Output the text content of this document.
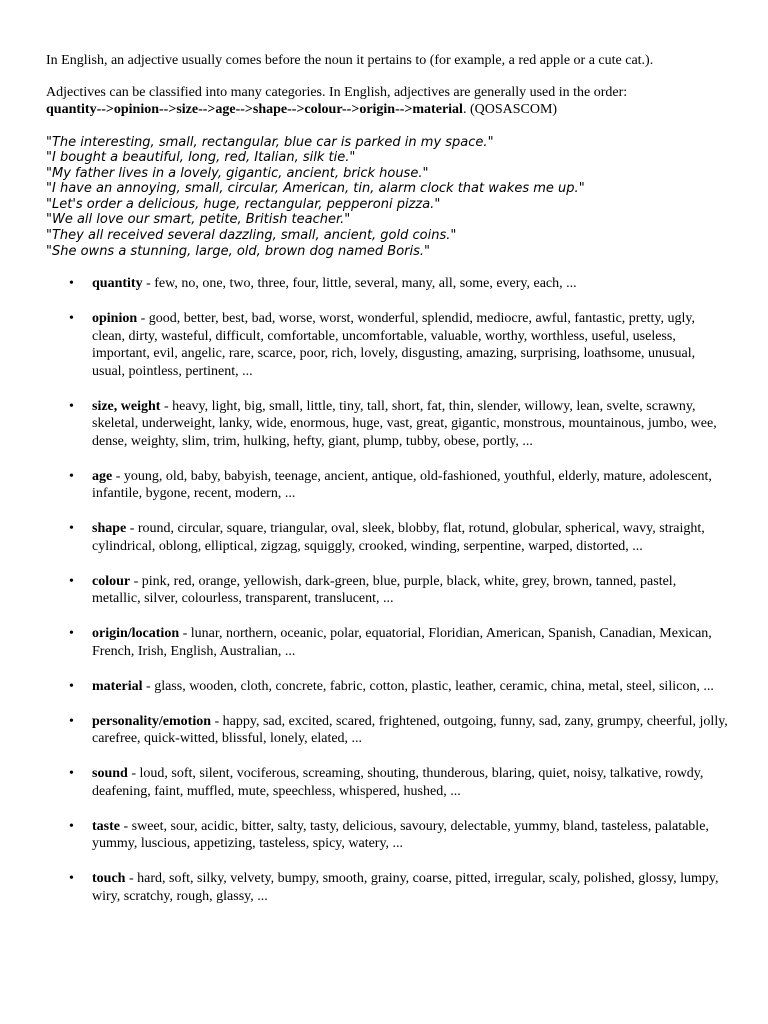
In English, an adjective usually comes before the noun it pertains to (for example, a red apple or a cute cat.).

Adjectives can be classified into many categories. In English, adjectives are generally used in the order:
quantity-->opinion-->size-->age-->shape-->colour-->origin-->material. (QOSASCOM)

"The interesting, small, rectangular, blue car is parked in my space."
"I bought a beautiful, long, red, Italian, silk tie."
"My father lives in a lovely, gigantic, ancient, brick house."
"I have an annoying, small, circular, American, tin, alarm clock that wakes me up."
"Let's order a delicious, huge, rectangular, pepperoni pizza."
"We all love our smart, petite, British teacher."
"They all received several dazzling, small, ancient, gold coins."
"She owns a stunning, large, old, brown dog named Boris."
• quantity - few, no, one, two, three, four, little, several, many, all, some, every, each, ...
• opinion - good, better, best, bad, worse, worst, wonderful, splendid, mediocre, awful, fantastic, pretty, ugly, clean, dirty, wasteful, difficult, comfortable, uncomfortable, valuable, worthy, worthless, useful, useless, important, evil, angelic, rare, scarce, poor, rich, lovely, disgusting, amazing, surprising, loathsome, unusual, usual, pointless, pertinent, ...
• size, weight - heavy, light, big, small, little, tiny, tall, short, fat, thin, slender, willowy, lean, svelte, scrawny, skeletal, underweight, lanky, wide, enormous, huge, vast, great, gigantic, monstrous, mountainous, jumbo, wee, dense, weighty, slim, trim, hulking, hefty, giant, plump, tubby, obese, portly, ...
• age - young, old, baby, babyish, teenage, ancient, antique, old-fashioned, youthful, elderly, mature, adolescent, infantile, bygone, recent, modern, ...
• shape - round, circular, square, triangular, oval, sleek, blobby, flat, rotund, globular, spherical, wavy, straight, cylindrical, oblong, elliptical, zigzag, squiggly, crooked, winding, serpentine, warped, distorted, ...
• colour - pink, red, orange, yellowish, dark-green, blue, purple, black, white, grey, brown, tanned, pastel, metallic, silver, colourless, transparent, translucent, ...
• origin/location - lunar, northern, oceanic, polar, equatorial, Floridian, American, Spanish, Canadian, Mexican, French, Irish, English, Australian, ...
• material - glass, wooden, cloth, concrete, fabric, cotton, plastic, leather, ceramic, china, metal, steel, silicon, ...
• personality/emotion - happy, sad, excited, scared, frightened, outgoing, funny, sad, zany, grumpy, cheerful, jolly, carefree, quick-witted, blissful, lonely, elated, ...
• sound - loud, soft, silent, vociferous, screaming, shouting, thunderous, blaring, quiet, noisy, talkative, rowdy, deafening, faint, muffled, mute, speechless, whispered, hushed, ...
• taste - sweet, sour, acidic, bitter, salty, tasty, delicious, savoury, delectable, yummy, bland, tasteless, palatable, yummy, luscious, appetizing, tasteless, spicy, watery, ...
• touch - hard, soft, silky, velvety, bumpy, smooth, grainy, coarse, pitted, irregular, scaly, polished, glossy, lumpy, wiry, scratchy, rough, glassy, ...
